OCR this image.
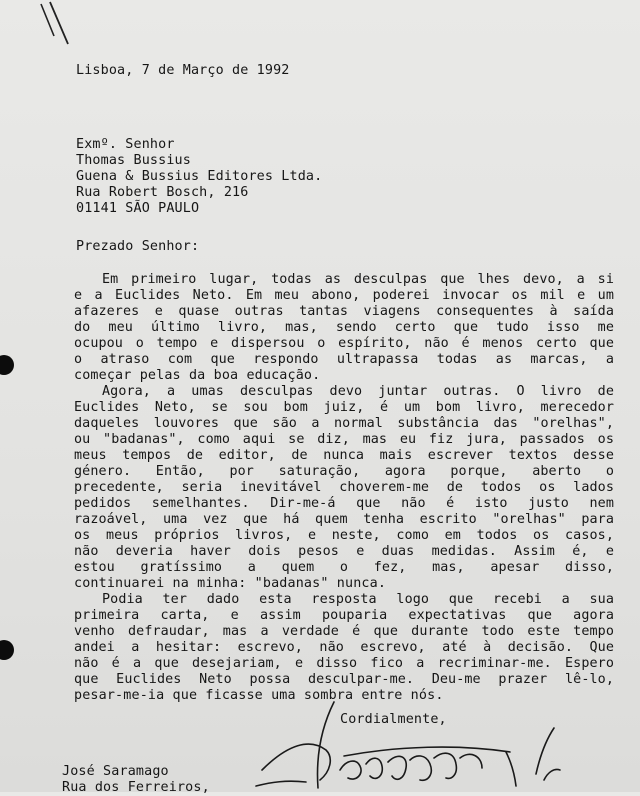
Lisboa, 7 de Março de 1992
Exmº. Senhor
Thomas Bussius
Guena & Bussius Editores Ltda.
Rua Robert Bosch, 216
01141 SÃO PAULO
Prezado Senhor:
Em primeiro lugar, todas as desculpas que lhes devo, a si
e a Euclides Neto. Em meu abono, poderei invocar os mil e um
afazeres e quase outras tantas viagens consequentes à saída
do meu último livro, mas, sendo certo que tudo isso me
ocupou o tempo e dispersou o espírito, não é menos certo que
o atraso com que respondo ultrapassa todas as marcas, a
começar pelas da boa educação.
Agora, a umas desculpas devo juntar outras. O livro de
Euclides Neto, se sou bom juiz, é um bom livro, merecedor
daqueles louvores que são a normal substância das "orelhas",
ou "badanas", como aqui se diz, mas eu fiz jura, passados os
meus tempos de editor, de nunca mais escrever textos desse
género. Então, por saturação, agora porque, aberto o
precedente, seria inevitável choverem-me de todos os lados
pedidos semelhantes. Dir-me-á que não é isto justo nem
razoável, uma vez que há quem tenha escrito "orelhas" para
os meus próprios livros, e neste, como em todos os casos,
não deveria haver dois pesos e duas medidas. Assim é, e
estou gratíssimo a quem o fez, mas, apesar disso,
continuarei na minha: "badanas" nunca.
Podia ter dado esta resposta logo que recebi a sua
primeira carta, e assim pouparia expectativas que agora
venho defraudar, mas a verdade é que durante todo este tempo
andei a hesitar: escrevo, não escrevo, até à decisão. Que
não é a que desejariam, e disso fico a recriminar-me. Espero
que Euclides Neto possa desculpar-me. Deu-me prazer lê-lo,
pesar-me-ia que ficasse uma sombra entre nós.
Cordialmente,
José Saramago
Rua dos Ferreiros,
